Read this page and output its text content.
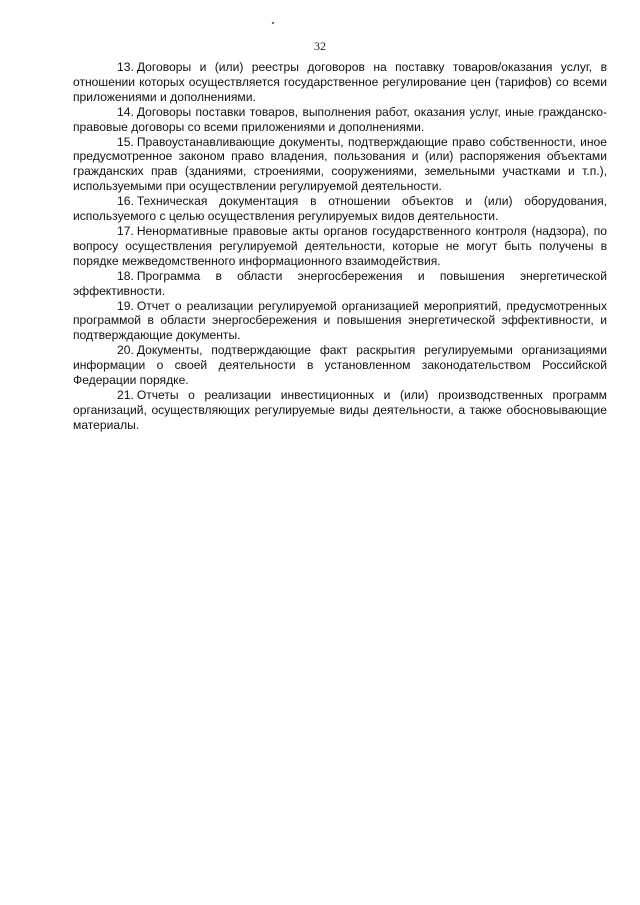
32

13. Договоры и (или) реестры договоров на поставку товаров/оказания услуг, в отношении которых осуществляется государственное регулирование цен (тарифов) со всеми приложениями и дополнениями.

14. Договоры поставки товаров, выполнения работ, оказания услуг, иные гражданско-правовые договоры со всеми приложениями и дополнениями.

15. Правоустанавливающие документы, подтверждающие право собственности, иное предусмотренное законом право владения, пользования и (или) распоряжения объектами гражданских прав (зданиями, строениями, сооружениями, земельными участками и т.п.), используемыми при осуществлении регулируемой деятельности.

16. Техническая документация в отношении объектов и (или) оборудования, используемого с целью осуществления регулируемых видов деятельности.

17. Ненормативные правовые акты органов государственного контроля (надзора), по вопросу осуществления регулируемой деятельности, которые не могут быть получены в порядке межведомственного информационного взаимодействия.

18. Программа в области энергосбережения и повышения энергетической эффективности.

19. Отчет о реализации регулируемой организацией мероприятий, предусмотренных программой в области энергосбережения и повышения энергетической эффективности, и подтверждающие документы.

20. Документы, подтверждающие факт раскрытия регулируемыми организациями информации о своей деятельности в установленном законодательством Российской Федерации порядке.

21. Отчеты о реализации инвестиционных и (или) производственных программ организаций, осуществляющих регулируемые виды деятельности, а также обосновывающие материалы.
